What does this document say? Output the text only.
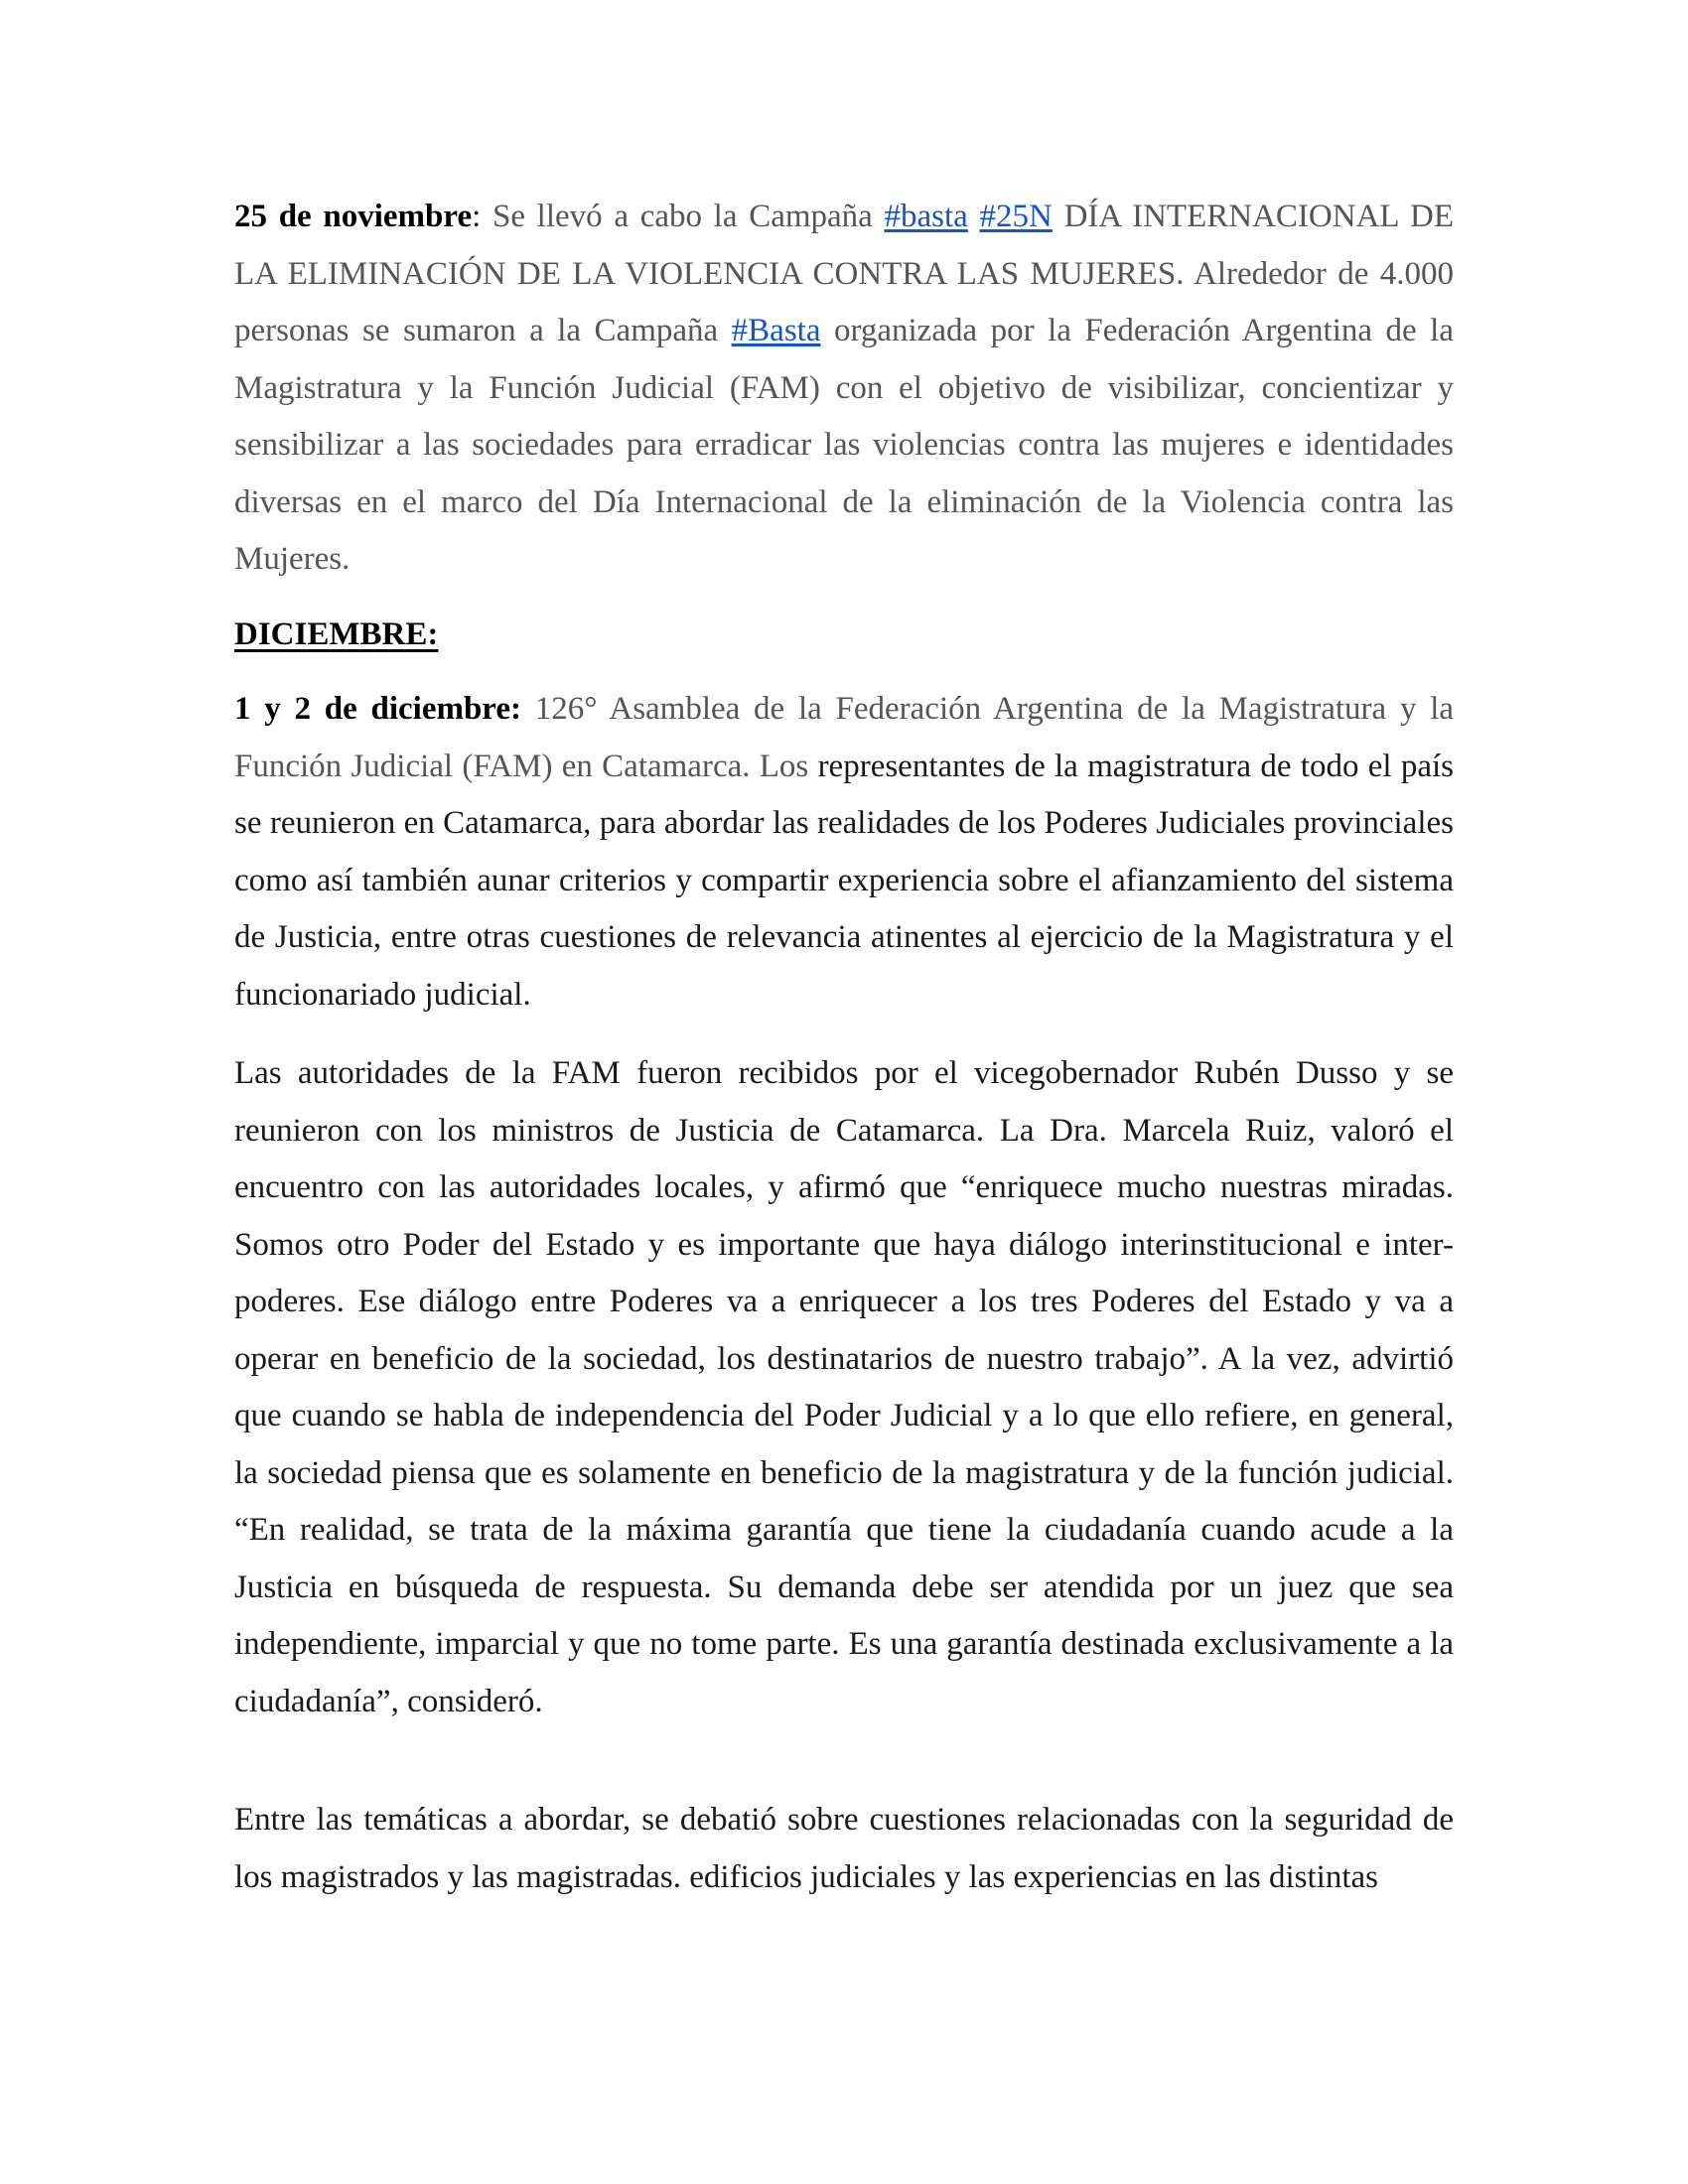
25 de noviembre: Se llevó a cabo la Campaña #basta #25N DÍA INTERNACIONAL DE LA ELIMINACIÓN DE LA VIOLENCIA CONTRA LAS MUJERES. Alrededor de 4.000 personas se sumaron a la Campaña #Basta organizada por la Federación Argentina de la Magistratura y la Función Judicial (FAM) con el objetivo de visibilizar, concientizar y sensibilizar a las sociedades para erradicar las violencias contra las mujeres e identidades diversas en el marco del Día Internacional de la eliminación de la Violencia contra las Mujeres.

DICIEMBRE:

1 y 2 de diciembre: 126° Asamblea de la Federación Argentina de la Magistratura y la Función Judicial (FAM) en Catamarca. Los representantes de la magistratura de todo el país se reunieron en Catamarca, para abordar las realidades de los Poderes Judiciales provinciales como así también aunar criterios y compartir experiencia sobre el afianzamiento del sistema de Justicia, entre otras cuestiones de relevancia atinentes al ejercicio de la Magistratura y el funcionariado judicial.

Las autoridades de la FAM fueron recibidos por el vicegobernador Rubén Dusso y se reunieron con los ministros de Justicia de Catamarca. La Dra. Marcela Ruiz, valoró el encuentro con las autoridades locales, y afirmó que “enriquece mucho nuestras miradas. Somos otro Poder del Estado y es importante que haya diálogo interinstitucional e inter-poderes. Ese diálogo entre Poderes va a enriquecer a los tres Poderes del Estado y va a operar en beneficio de la sociedad, los destinatarios de nuestro trabajo”. A la vez, advirtió que cuando se habla de independencia del Poder Judicial y a lo que ello refiere, en general, la sociedad piensa que es solamente en beneficio de la magistratura y de la función judicial. “En realidad, se trata de la máxima garantía que tiene la ciudadanía cuando acude a la Justicia en búsqueda de respuesta. Su demanda debe ser atendida por un juez que sea independiente, imparcial y que no tome parte. Es una garantía destinada exclusivamente a la ciudadanía”, consideró.

Entre las temáticas a abordar, se debatió sobre cuestiones relacionadas con la seguridad de los magistrados y las magistradas. edificios judiciales y las experiencias en las distintas
